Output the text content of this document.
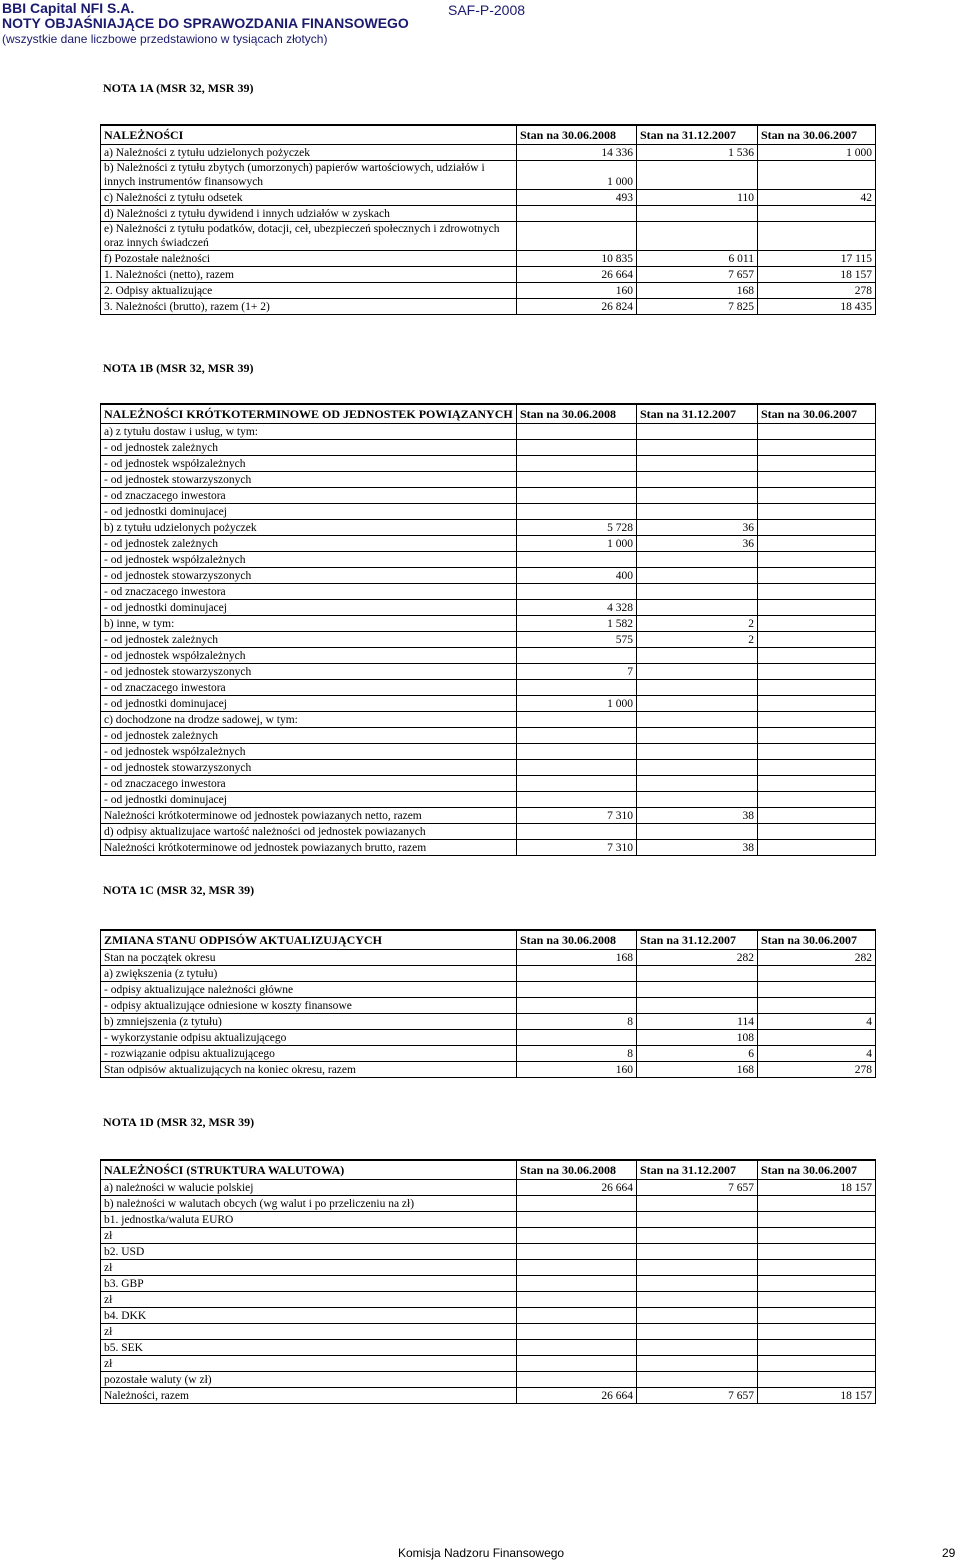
BBI Capital NFI S.A.
NOTY OBJAŚNIAJĄCE DO SPRAWOZDANIA FINANSOWEGO
(wszystkie dane liczbowe przedstawiono w tysiącach złotych)
SAF-P-2008
NOTA 1A (MSR 32, MSR 39)
NALEŻNOŚCI	Stan na 30.06.2008	Stan na 31.12.2007	Stan na 30.06.2007
a) Należności z tytułu udzielonych pożyczek	14 336	1 536	1 000
b) Należności z tytułu zbytych (umorzonych) papierów wartościowych, udziałów i innych instrumentów finansowych	1 000		
c) Należności z tytułu odsetek	493	110	42
d) Należności z tytułu dywidend i innych udziałów w zyskach			
e) Należności z tytułu podatków, dotacji, ceł, ubezpieczeń społecznych i zdrowotnych oraz innych świadczeń			
f) Pozostałe należności	10 835	6 011	17 115
1. Należności (netto), razem	26 664	7 657	18 157
2. Odpisy aktualizujące	160	168	278
3. Należności (brutto), razem (1+ 2)	26 824	7 825	18 435
NOTA 1B (MSR 32, MSR 39)
NALEŻNOŚCI KRÓTKOTERMINOWE OD JEDNOSTEK POWIĄZANYCH	Stan na 30.06.2008	Stan na 31.12.2007	Stan na 30.06.2007
a) z tytułu dostaw i usług, w tym:			
- od jednostek zależnych			
- od jednostek współzależnych			
- od jednostek stowarzyszonych			
- od znaczacego inwestora			
- od jednostki dominujacej			
b) z tytułu udzielonych pożyczek	5 728	36	
- od jednostek zależnych	1 000	36	
- od jednostek współzależnych			
- od jednostek stowarzyszonych	400		
- od znaczacego inwestora			
- od jednostki dominujacej	4 328		
b) inne, w tym:	1 582	2	
- od jednostek zależnych	575	2	
- od jednostek współzależnych			
- od jednostek stowarzyszonych	7		
- od znaczacego inwestora			
- od jednostki dominujacej	1 000		
c) dochodzone na drodze sadowej, w tym:			
- od jednostek zależnych			
- od jednostek współzależnych			
- od jednostek stowarzyszonych			
- od znaczacego inwestora			
- od jednostki dominujacej			
Należności krótkoterminowe od jednostek powiazanych netto, razem	7 310	38	
d) odpisy aktualizujace wartość należności od jednostek powiazanych			
Należności krótkoterminowe od jednostek powiazanych brutto, razem	7 310	38	
NOTA 1C (MSR 32, MSR 39)
ZMIANA STANU ODPISÓW AKTUALIZUJĄCYCH	Stan na 30.06.2008	Stan na 31.12.2007	Stan na 30.06.2007
Stan na początek okresu	168	282	282
a) zwiększenia (z tytułu)			
- odpisy aktualizujące należności główne			
- odpisy aktualizujące odniesione w koszty finansowe			
b) zmniejszenia (z tytułu)	8	114	4
- wykorzystanie odpisu aktualizującego		108	
- rozwiązanie odpisu aktualizującego	8	6	4
Stan odpisów aktualizujących na koniec okresu, razem	160	168	278
NOTA 1D (MSR 32, MSR 39)
NALEŻNOŚCI (STRUKTURA WALUTOWA)	Stan na 30.06.2008	Stan na 31.12.2007	Stan na 30.06.2007
a) należności w walucie polskiej	26 664	7 657	18 157
b) należności w walutach obcych (wg walut i po przeliczeniu na zł)			
b1. jednostka/waluta EURO			
zł			
b2. USD			
zł			
b3. GBP			
zł			
b4. DKK			
zł			
b5. SEK			
zł			
pozostałe waluty (w zł)			
Należności, razem	26 664	7 657	18 157
Komisja Nadzoru Finansowego	29
